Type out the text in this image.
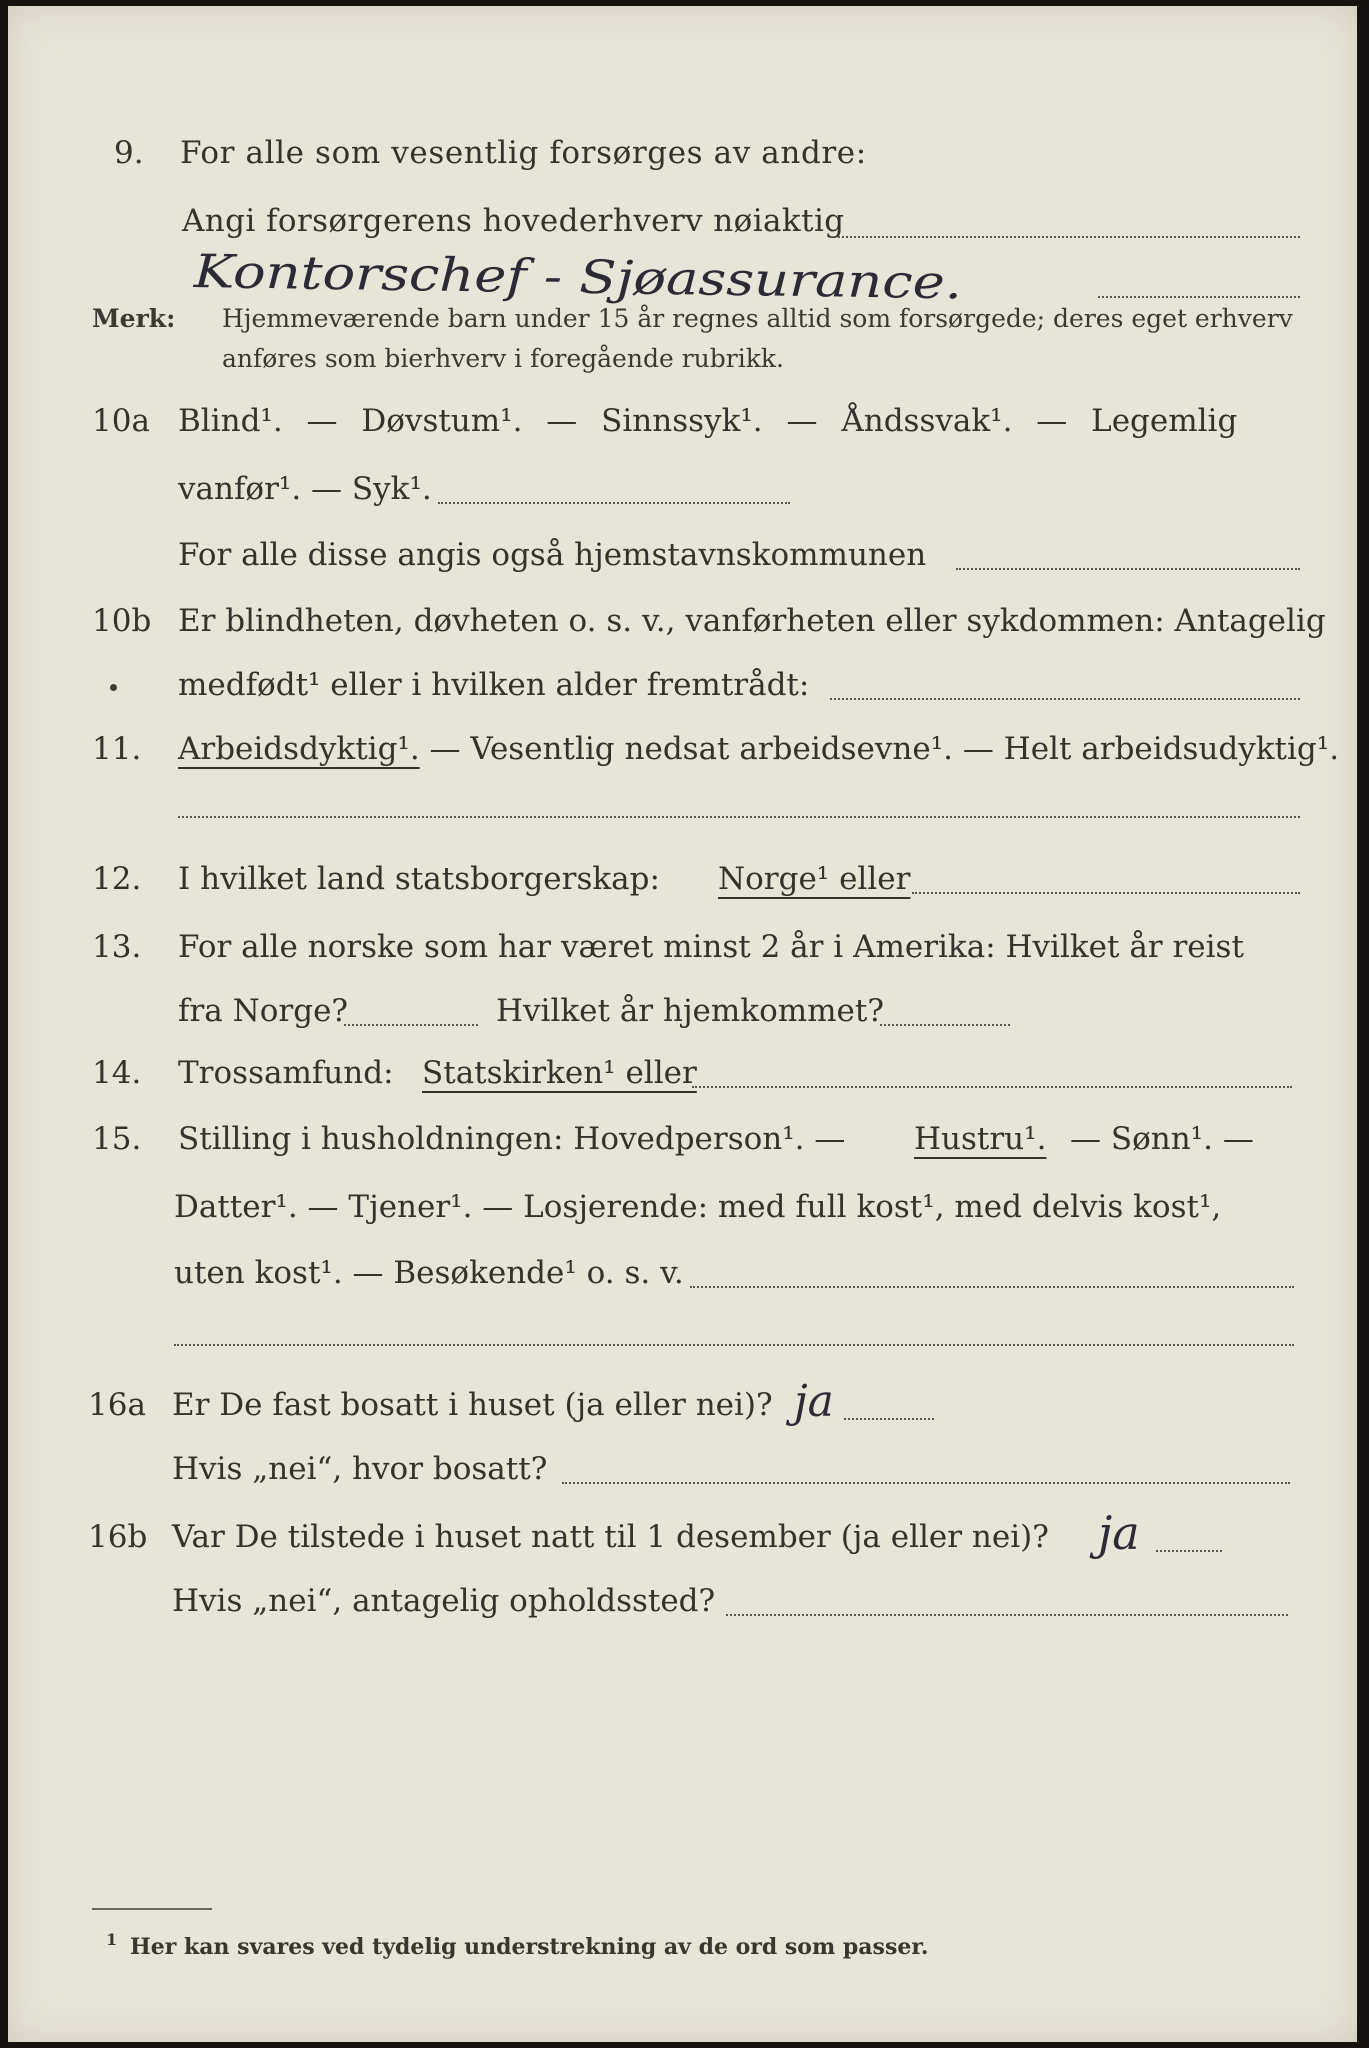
9. For alle som vesentlig forsørges av andre:
Angi forsørgerens hovederhverv nøiaktig
Kontorschef - Sjøassurance.
Merk: Hjemmeværende barn under 15 år regnes alltid som forsørgede; deres eget erhverv
anføres som bierhverv i foregående rubrikk.
10a Blind¹. — Døvstum¹. — Sinnssyk¹. — Åndssvak¹. — Legemlig
vanfør¹. — Syk¹.
For alle disse angis også hjemstavnskommunen
10b Er blindheten, døvheten o. s. v., vanførheten eller sykdommen: Antagelig
medfødt¹ eller i hvilken alder fremtrådt:
11. Arbeidsdyktig¹. — Vesentlig nedsat arbeidsevne¹. — Helt arbeidsudyktig¹.
12. I hvilket land statsborgerskap: Norge¹ eller
13. For alle norske som har været minst 2 år i Amerika: Hvilket år reist
fra Norge?	Hvilket år hjemkommet?
14. Trossamfund: Statskirken¹ eller
15. Stilling i husholdningen: Hovedperson¹. — Hustru¹. — Sønn¹. —
Datter¹. — Tjener¹. — Losjerende: med full kost¹, med delvis kost¹,
uten kost¹. — Besøkende¹ o. s. v.
16a Er De fast bosatt i huset (ja eller nei)? ja
Hvis „nei“, hvor bosatt?
16b Var De tilstede i huset natt til 1 desember (ja eller nei)? ja
Hvis „nei“, antagelig opholdssted?
1 Her kan svares ved tydelig understrekning av de ord som passer.
